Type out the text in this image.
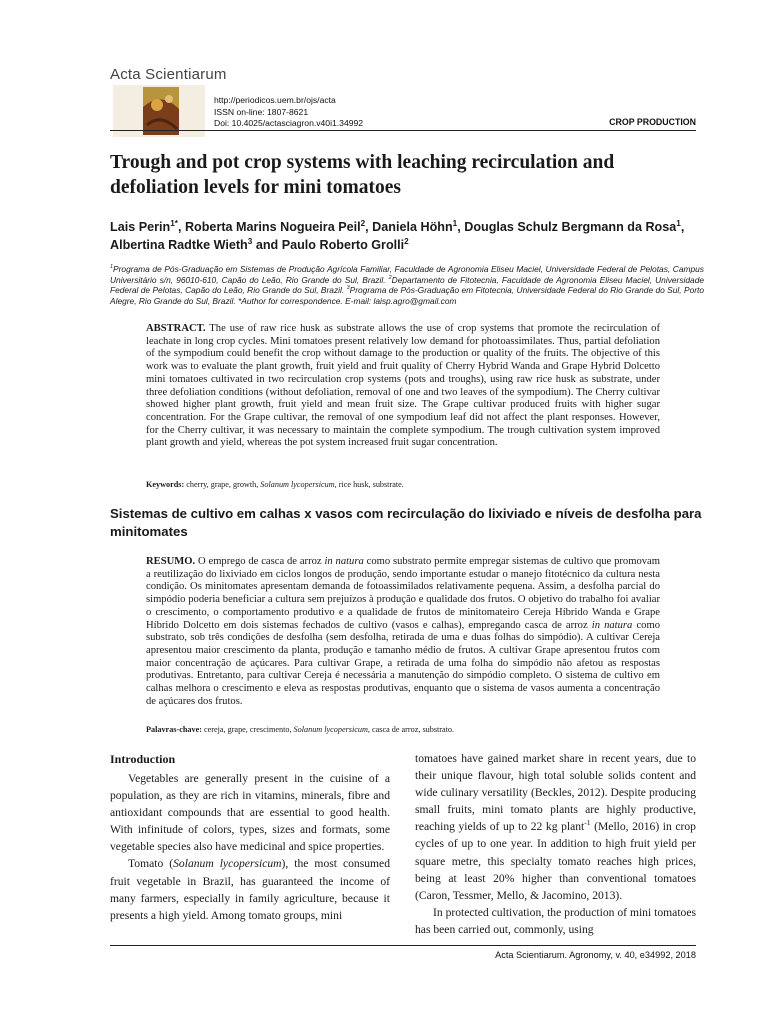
Acta Scientiarum
http://periodicos.uem.br/ojs/acta
ISSN on-line: 1807-8621
Doi: 10.4025/actasciagron.v40i1.34992	CROP PRODUCTION
Trough and pot crop systems with leaching recirculation and defoliation levels for mini tomatoes

Lais Perin$^{1*}$, Roberta Marins Nogueira Peil$^2$, Daniela Höhn$^1$, Douglas Schulz Bergmann da Rosa$^1$, Albertina Radtke Wieth$^3$ and Paulo Roberto Grolli$^2$

$^1$Programa de Pós-Graduação em Sistemas de Produção Agrícola Familiar, Faculdade de Agronomia Eliseu Maciel, Universidade Federal de Pelotas, Campus Universitário s/n, 96010-610, Capão do Leão, Rio Grande do Sul, Brazil. $^2$Departamento de Fitotecnia, Faculdade de Agronomia Eliseu Maciel, Universidade Federal de Pelotas, Capão do Leão, Rio Grande do Sul, Brazil. $^3$Programa de Pós-Graduação em Fitotecnia, Universidade Federal do Rio Grande do Sul, Porto Alegre, Rio Grande do Sul, Brazil. *Author for correspondence. E-mail: laisp.agro@gmail.com

ABSTRACT. The use of raw rice husk as substrate allows the use of crop systems that promote the recirculation of leachate in long crop cycles. Mini tomatoes present relatively low demand for photoassimilates. Thus, partial defoliation of the sympodium could benefit the crop without damage to the production or quality of the fruits. The objective of this work was to evaluate the plant growth, fruit yield and fruit quality of Cherry Hybrid Wanda and Grape Hybrid Dolcetto mini tomatoes cultivated in two recirculation crop systems (pots and troughs), using raw rice husk as substrate, under three defoliation conditions (without defoliation, removal of one and two leaves of the sympodium). The Cherry cultivar showed higher plant growth, fruit yield and mean fruit size. The Grape cultivar produced fruits with higher sugar concentration. For the Grape cultivar, the removal of one sympodium leaf did not affect the plant responses. However, for the Cherry cultivar, it was necessary to maintain the complete sympodium. The trough cultivation system improved plant growth and yield, whereas the pot system increased fruit sugar concentration.

Keywords: cherry, grape, growth, Solanum lycopersicum, rice husk, substrate.

Sistemas de cultivo em calhas x vasos com recirculação do lixiviado e níveis de desfolha para minitomates

RESUMO. O emprego de casca de arroz in natura como substrato permite empregar sistemas de cultivo que promovam a reutilização do lixiviado em ciclos longos de produção, sendo importante estudar o manejo fitotécnico da cultura nesta condição. Os minitomates apresentam demanda de fotoassimilados relativamente pequena. Assim, a desfolha parcial do simpódio poderia beneficiar a cultura sem prejuízos à produção e qualidade dos frutos. O objetivo do trabalho foi avaliar o crescimento, o comportamento produtivo e a qualidade de frutos de minitomateiro Cereja Híbrido Wanda e Grape Híbrido Dolcetto em dois sistemas fechados de cultivo (vasos e calhas), empregando casca de arroz in natura como substrato, sob três condições de desfolha (sem desfolha, retirada de uma e duas folhas do simpódio). A cultivar Cereja apresentou maior crescimento da planta, produção e tamanho médio de frutos. A cultivar Grape apresentou frutos com maior concentração de açúcares. Para cultivar Grape, a retirada de uma folha do simpódio não afetou as respostas produtivas. Entretanto, para cultivar Cereja é necessária a manutenção do simpódio completo. O sistema de cultivo em calhas melhora o crescimento e eleva as respostas produtivas, enquanto que o sistema de vasos aumenta a concentração de açúcares dos frutos.

Palavras-chave: cereja, grape, crescimento, Solanum lycopersicum, casca de arroz, substrato.

Introduction

Vegetables are generally present in the cuisine of a population, as they are rich in vitamins, minerals, fibre and antioxidant compounds that are essential to good health. With infinitude of colors, types, sizes and formats, some vegetable species also have medicinal and spice properties.

Tomato (Solanum lycopersicum), the most consumed fruit vegetable in Brazil, has guaranteed the income of many farmers, especially in family agriculture, because it presents a high yield. Among tomato groups, mini

tomatoes have gained market share in recent years, due to their unique flavour, high total soluble solids content and wide culinary versatility (Beckles, 2012). Despite producing small fruits, mini tomato plants are highly productive, reaching yields of up to 22 kg plant$^{-1}$ (Mello, 2016) in crop cycles of up to one year. In addition to high fruit yield per square metre, this specialty tomato reaches high prices, being at least 20% higher than conventional tomatoes (Caron, Tessmer, Mello, & Jacomino, 2013).

In protected cultivation, the production of mini tomatoes has been carried out, commonly, using

Acta Scientiarum. Agronomy, v. 40, e34992, 2018
